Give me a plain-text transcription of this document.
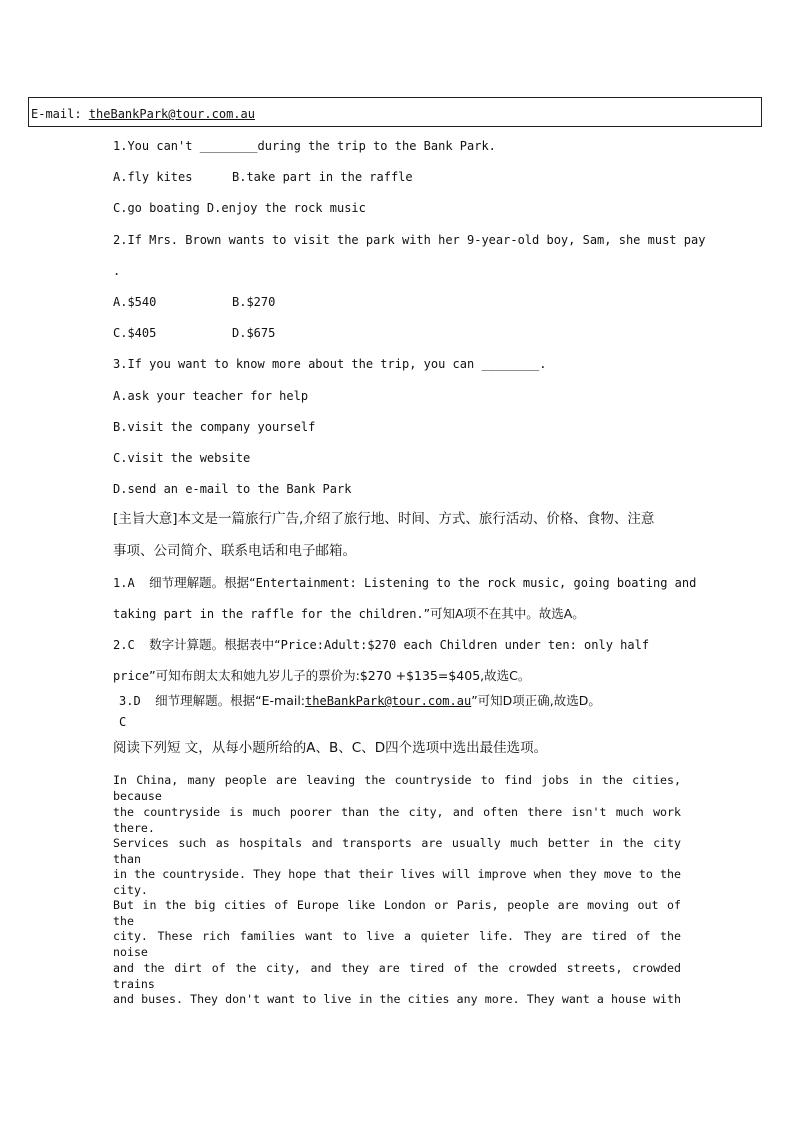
E-mail: theBankPark@tour.com.au
1.You can't ________during the trip to the Bank Park.
A.fly kites	B.take part in the raffle
C.go boating D.enjoy the rock music
2.If Mrs. Brown wants to visit the park with her 9-year-old boy, Sam, she must pay
.
A.$540	B.$270
C.$405	D.$675
3.If you want to know more about the trip, you can ________.
A.ask your teacher for help
B.visit the company yourself
C.visit the website
D.send an e-mail to the Bank Park
[主旨大意]本文是一篇旅行广告,介绍了旅行地、时间、方式、旅行活动、价格、食物、注意
事项、公司简介、联系电话和电子邮箱。
1.A 细节理解题。根据“Entertainment: Listening to the rock music, going boating and
taking part in the raffle for the children.”可知A项不在其中。故选A。
2.C 数字计算题。根据表中“Price:Adult:$270 each Children under ten: only half
price”可知布朗太太和她九岁儿子的票价为:$270 +$135=$405,故选C。
3.D 细节理解题。根据“E-mail:theBankPark@tour.com.au”可知D项正确,故选D。
C
阅读下列短 文，从每小题所给的A、B、C、D四个选项中选出最佳选项。
In China, many people are leaving the countryside to find jobs in the cities, because
the countryside is much poorer than the city, and often there isn't much work there.
Services such as hospitals and transports are usually much better in the city than
in the countryside. They hope that their lives will improve when they move to the city.
But in the big cities of Europe like London or Paris, people are moving out of the
city. These rich families want to live a quieter life. They are tired of the noise
and the dirt of the city, and they are tired of the crowded streets, crowded trains
and buses. They don't want to live in the cities any more. They want a house with
